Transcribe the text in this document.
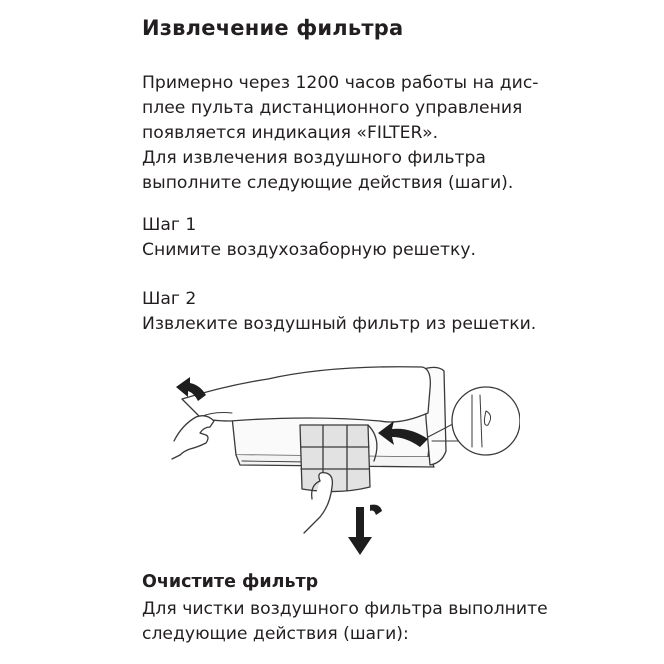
Извлечение фильтра
Примерно через 1200 часов работы на дис-
плее пульта дистанционного управления
появляется индикация «FILTER».
Для извлечения воздушного фильтра
выполните следующие действия (шаги).
Шаг 1
Снимите воздухозаборную решетку.
Шаг 2
Извлеките воздушный фильтр из решетки.
Очистите фильтр
Для чистки воздушного фильтра выполните
следующие действия (шаги):
